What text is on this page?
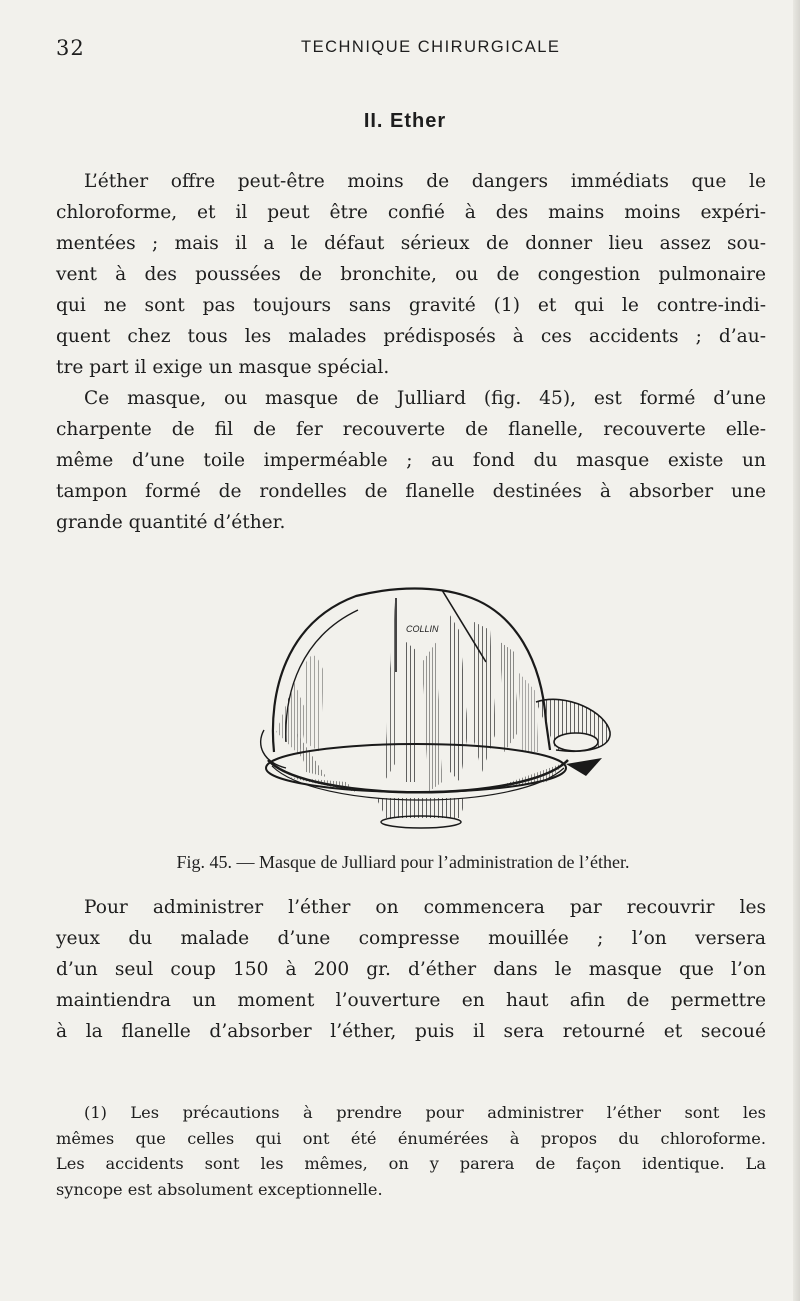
32	TECHNIQUE CHIRURGICALE
II. Ether
L’éther offre peut-être moins de dangers immédiats que le
chloroforme, et il peut être confié à des mains moins expéri-
mentées ; mais il a le défaut sérieux de donner lieu assez sou-
vent à des poussées de bronchite, ou de congestion pulmonaire
qui ne sont pas toujours sans gravité (1) et qui le contre-indi-
quent chez tous les malades prédisposés à ces accidents ; d’au-
tre part il exige un masque spécial.
Ce masque, ou masque de Julliard (fig. 45), est formé d’une
charpente de fil de fer recouverte de flanelle, recouverte elle-
même d’une toile imperméable ; au fond du masque existe un
tampon formé de rondelles de flanelle destinées à absorber une
grande quantité d’éther.
COLLIN
Fig. 45. — Masque de Julliard pour l’administration de l’éther.
Pour administrer l’éther on commencera par recouvrir les
yeux du malade d’une compresse mouillée ; l’on versera
d’un seul coup 150 à 200 gr. d’éther dans le masque que l’on
maintiendra un moment l’ouverture en haut afin de permettre
à la flanelle d’absorber l’éther, puis il sera retourné et secoué
(1) Les précautions à prendre pour administrer l’éther sont les
mêmes que celles qui ont été énumérées à propos du chloroforme.
Les accidents sont les mêmes, on y parera de façon identique. La
syncope est absolument exceptionnelle.
